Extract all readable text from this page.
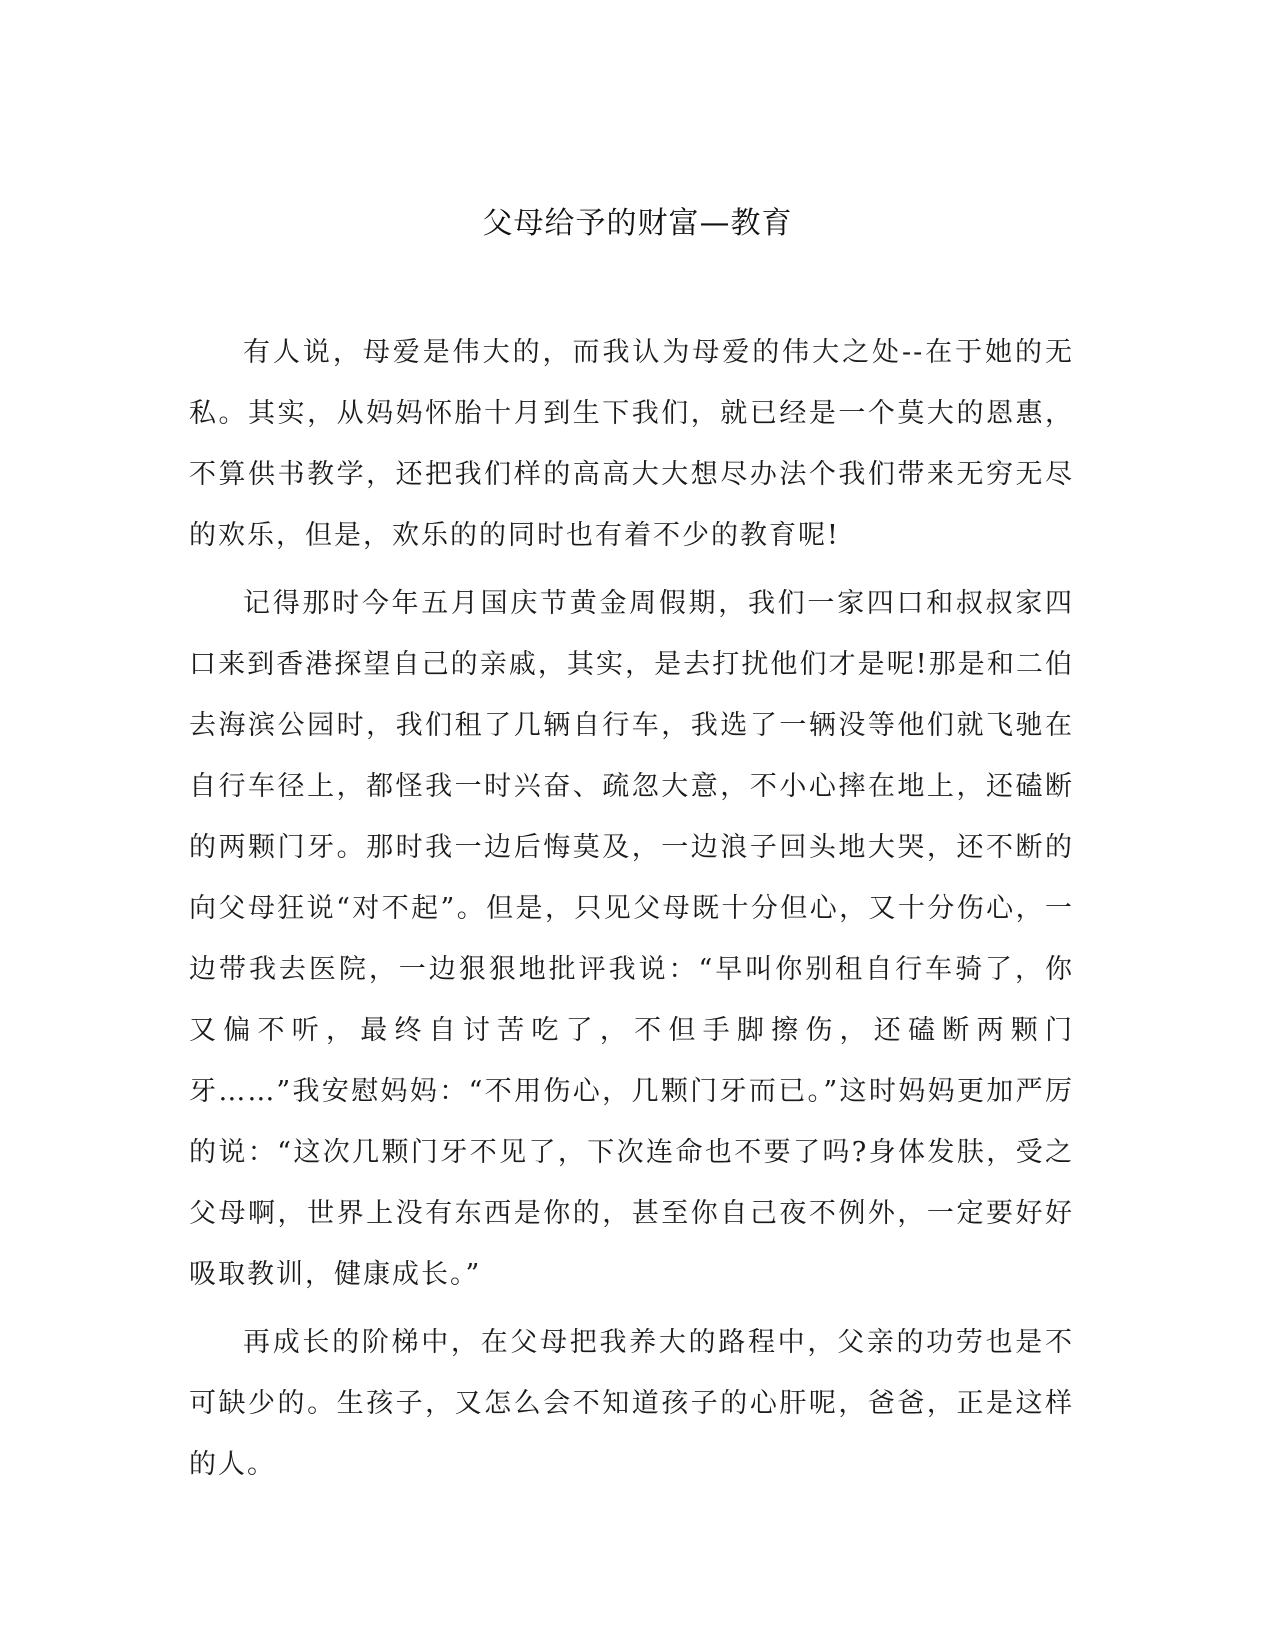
父母给予的财富—教育

有人说，母爱是伟大的，而我认为母爱的伟大之处--在于她的无私。其实，从妈妈怀胎十月到生下我们，就已经是一个莫大的恩惠，不算供书教学，还把我们样的高高大大想尽办法个我们带来无穷无尽的欢乐，但是，欢乐的的同时也有着不少的教育呢!

记得那时今年五月国庆节黄金周假期，我们一家四口和叔叔家四口来到香港探望自己的亲戚，其实，是去打扰他们才是呢!那是和二伯去海滨公园时，我们租了几辆自行车，我选了一辆没等他们就飞驰在自行车径上，都怪我一时兴奋、疏忽大意，不小心摔在地上，还磕断的两颗门牙。那时我一边后悔莫及，一边浪子回头地大哭，还不断的向父母狂说“对不起”。但是，只见父母既十分但心，又十分伤心，一边带我去医院，一边狠狠地批评我说：“早叫你别租自行车骑了，你又偏不听，最终自讨苦吃了，不但手脚擦伤，还磕断两颗门牙……”我安慰妈妈：“不用伤心，几颗门牙而已。”这时妈妈更加严厉的说：“这次几颗门牙不见了，下次连命也不要了吗?身体发肤，受之父母啊，世界上没有东西是你的，甚至你自己夜不例外，一定要好好吸取教训，健康成长。”

再成长的阶梯中，在父母把我养大的路程中，父亲的功劳也是不可缺少的。生孩子，又怎么会不知道孩子的心肝呢，爸爸，正是这样的人。
